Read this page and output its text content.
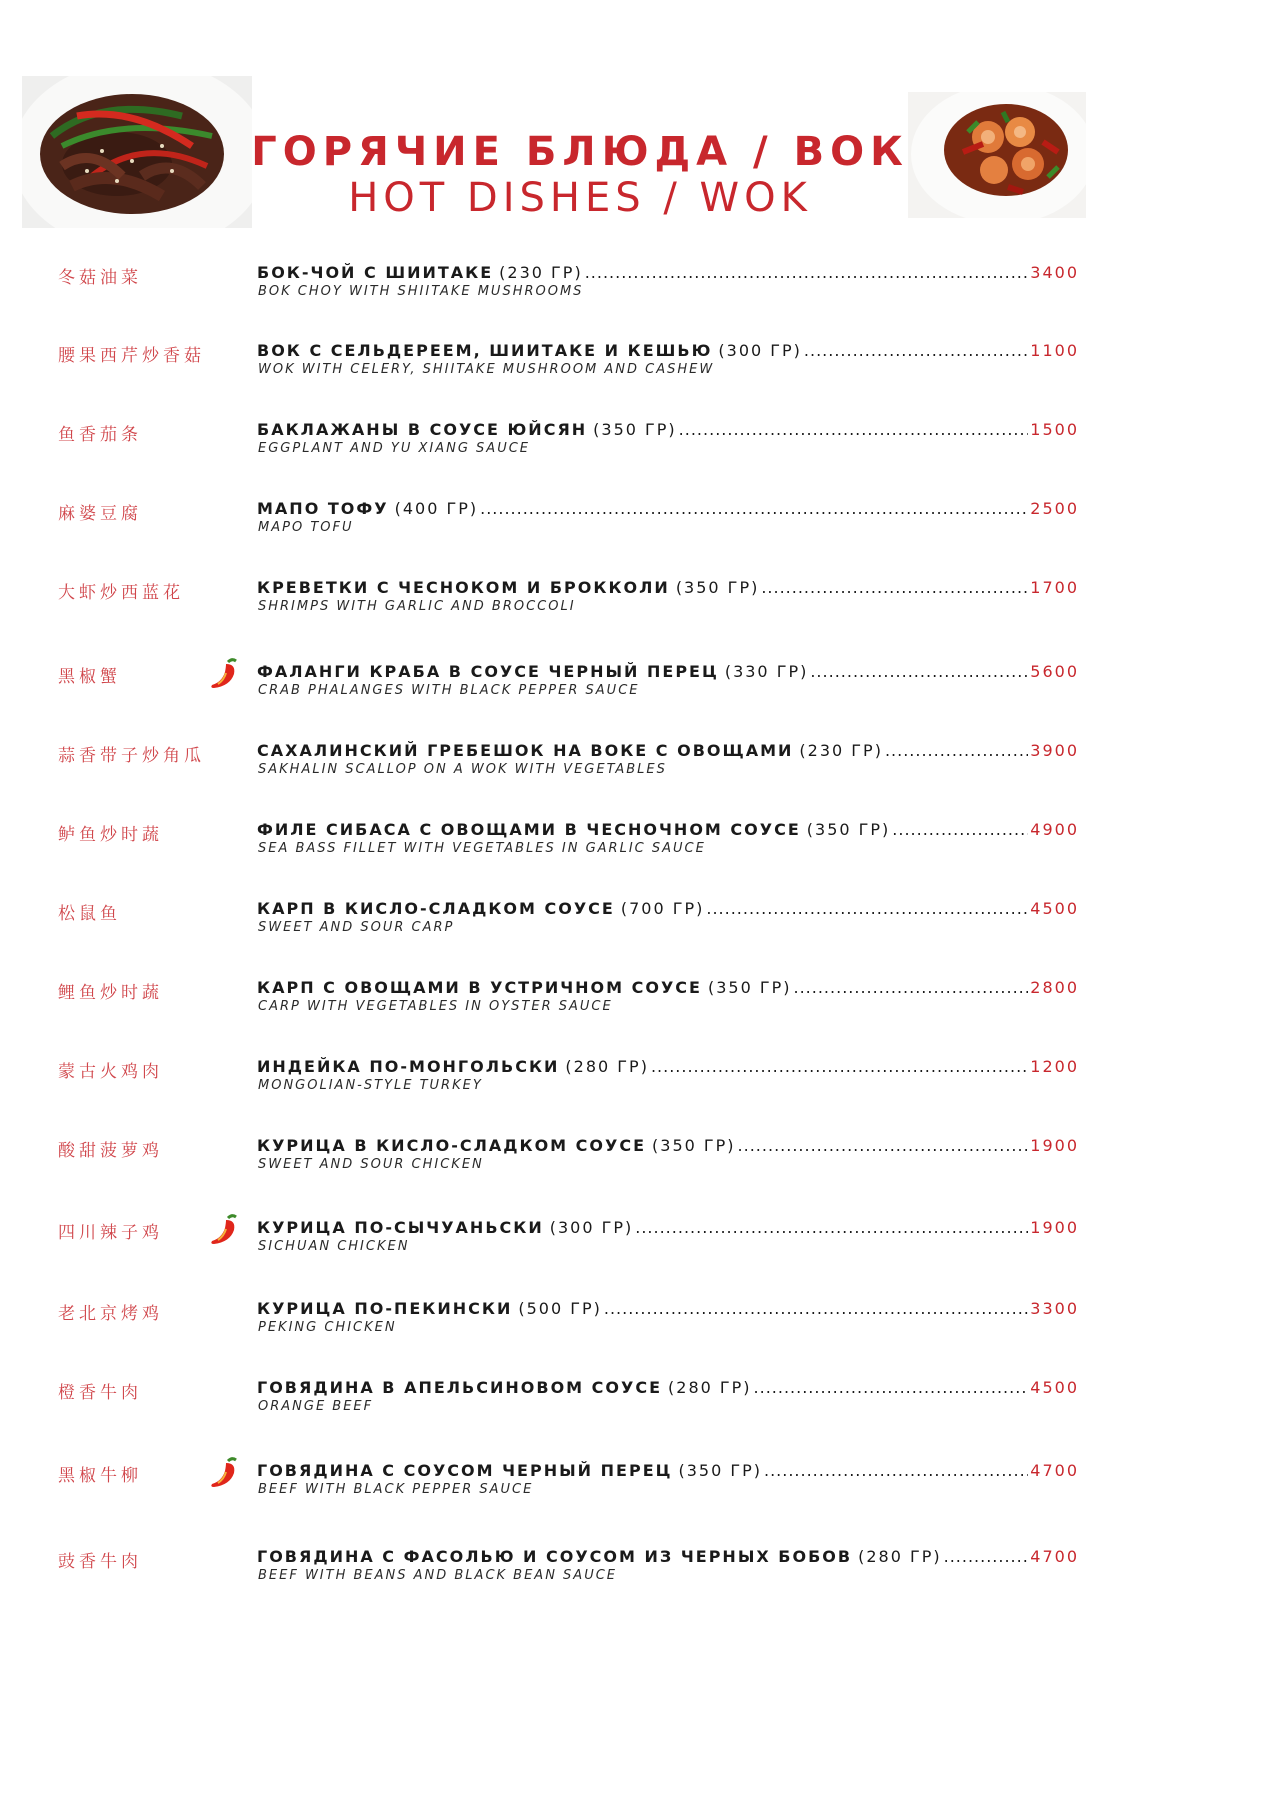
ГОРЯЧИЕ БЛЮДА / ВОК
HOT DISHES / WOK
冬菇油菜	БОК-ЧОЙ С ШИИТАКЕ (230 ГР) .....	3400
BOK CHOY WITH SHIITAKE MUSHROOMS
腰果西芹炒香菇	ВОК С СЕЛЬДЕРЕЕМ, ШИИТАКЕ И КЕШЬЮ (300 ГР) .....	1100
WOK WITH CELERY, SHIITAKE MUSHROOM AND CASHEW
鱼香茄条	БАКЛАЖАНЫ В СОУСЕ ЮЙСЯН (350 ГР) .....	1500
EGGPLANT AND YU XIANG SAUCE
麻婆豆腐	МАПО ТОФУ (400 ГР) .....	2500
MAPO TOFU
大虾炒西蓝花	КРЕВЕТКИ С ЧЕСНОКОМ И БРОККОЛИ (350 ГР) .....	1700
SHRIMPS WITH GARLIC AND BROCCOLI
黑椒蟹	ФАЛАНГИ КРАБА В СОУСЕ ЧЕРНЫЙ ПЕРЕЦ (330 ГР) .....	5600
CRAB PHALANGES WITH BLACK PEPPER SAUCE
蒜香带子炒角瓜	САХАЛИНСКИЙ ГРЕБЕШОК НА ВОКЕ С ОВОЩАМИ (230 ГР) .....	3900
SAKHALIN SCALLOP ON A WOK WITH VEGETABLES
鲈鱼炒时蔬	ФИЛЕ СИБАСА С ОВОЩАМИ В ЧЕСНОЧНОМ СОУСЕ (350 ГР) .....	4900
SEA BASS FILLET WITH VEGETABLES IN GARLIC SAUCE
松鼠鱼	КАРП В КИСЛО-СЛАДКОМ СОУСЕ (700 ГР) .....	4500
SWEET AND SOUR CARP
鲤鱼炒时蔬	КАРП С ОВОЩАМИ В УСТРИЧНОМ СОУСЕ (350 ГР) .....	2800
CARP WITH VEGETABLES IN OYSTER SAUCE
蒙古火鸡肉	ИНДЕЙКА ПО-МОНГОЛЬСКИ (280 ГР) .....	1200
MONGOLIAN-STYLE TURKEY
酸甜菠萝鸡	КУРИЦА В КИСЛО-СЛАДКОМ СОУСЕ (350 ГР) .....	1900
SWEET AND SOUR CHICKEN
四川辣子鸡	КУРИЦА ПО-СЫЧУАНЬСКИ (300 ГР) .....	1900
SICHUAN CHICKEN
老北京烤鸡	КУРИЦА ПО-ПЕКИНСКИ (500 ГР) .....	3300
PEKING CHICKEN
橙香牛肉	ГОВЯДИНА В АПЕЛЬСИНОВОМ СОУСЕ (280 ГР) .....	4500
ORANGE BEEF
黑椒牛柳	ГОВЯДИНА С СОУСОМ ЧЕРНЫЙ ПЕРЕЦ (350 ГР) .....	4700
BEEF WITH BLACK PEPPER SAUCE
豉香牛肉	ГОВЯДИНА С ФАСОЛЬЮ И СОУСОМ ИЗ ЧЕРНЫХ БОБОВ (280 ГР) .....	4700
BEEF WITH BEANS AND BLACK BEAN SAUCE
